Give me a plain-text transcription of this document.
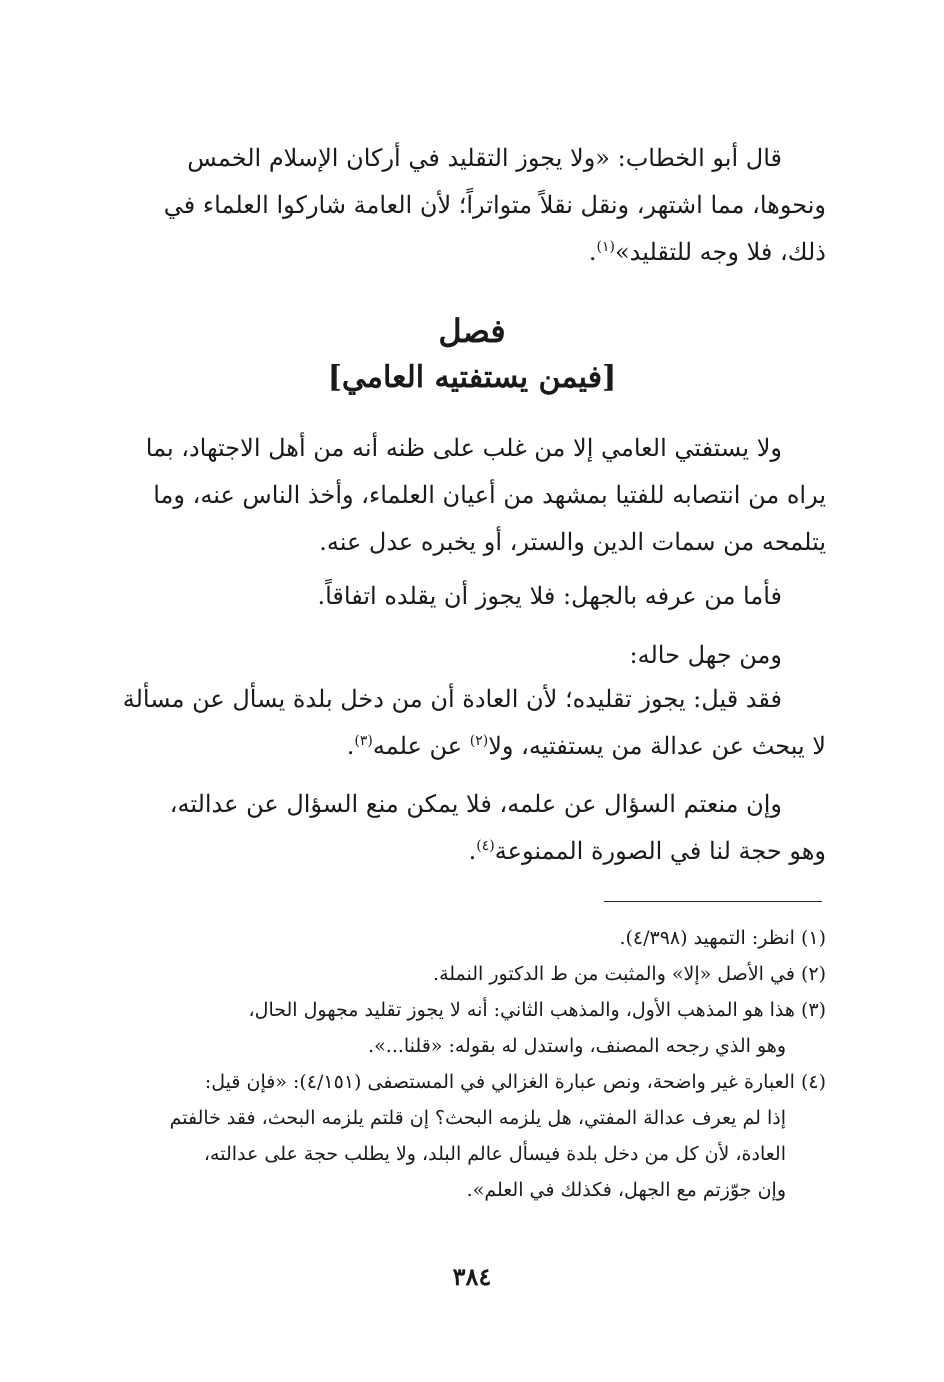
قال أبو الخطاب: «ولا يجوز التقليد في أركان الإسلام الخمس
ونحوها، مما اشتهر، ونقل نقلاً متواتراً؛ لأن العامة شاركوا العلماء في
ذلك، فلا وجه للتقليد»$^{(١)}$.
فصل
[فيمن يستفتيه العامي]
ولا يستفتي العامي إلا من غلب على ظنه أنه من أهل الاجتهاد، بما
يراه من انتصابه للفتيا بمشهد من أعيان العلماء، وأخذ الناس عنه، وما
يتلمحه من سمات الدين والستر، أو يخبره عدل عنه.
فأما من عرفه بالجهل: فلا يجوز أن يقلده اتفاقاً.
ومن جهل حاله:
فقد قيل: يجوز تقليده؛ لأن العادة أن من دخل بلدة يسأل عن مسألة
لا يبحث عن عدالة من يستفتيه، ولا$^{(٢)}$ عن علمه$^{(٣)}$.
وإن منعتم السؤال عن علمه، فلا يمكن منع السؤال عن عدالته،
وهو حجة لنا في الصورة الممنوعة$^{(٤)}$.
(١) انظر: التمهيد (٤/٣٩٨).
(٢) في الأصل «إلا» والمثبت من ط الدكتور النملة.
(٣) هذا هو المذهب الأول، والمذهب الثاني: أنه لا يجوز تقليد مجهول الحال،
وهو الذي رجحه المصنف، واستدل له بقوله: «قلنا...».
(٤) العبارة غير واضحة، ونص عبارة الغزالي في المستصفى (٤/١٥١): «فإن قيل:
إذا لم يعرف عدالة المفتي، هل يلزمه البحث؟ إن قلتم يلزمه البحث، فقد خالفتم
العادة، لأن كل من دخل بلدة فيسأل عالم البلد، ولا يطلب حجة على عدالته،
وإن جوّزتم مع الجهل، فكذلك في العلم».
٣٨٤
